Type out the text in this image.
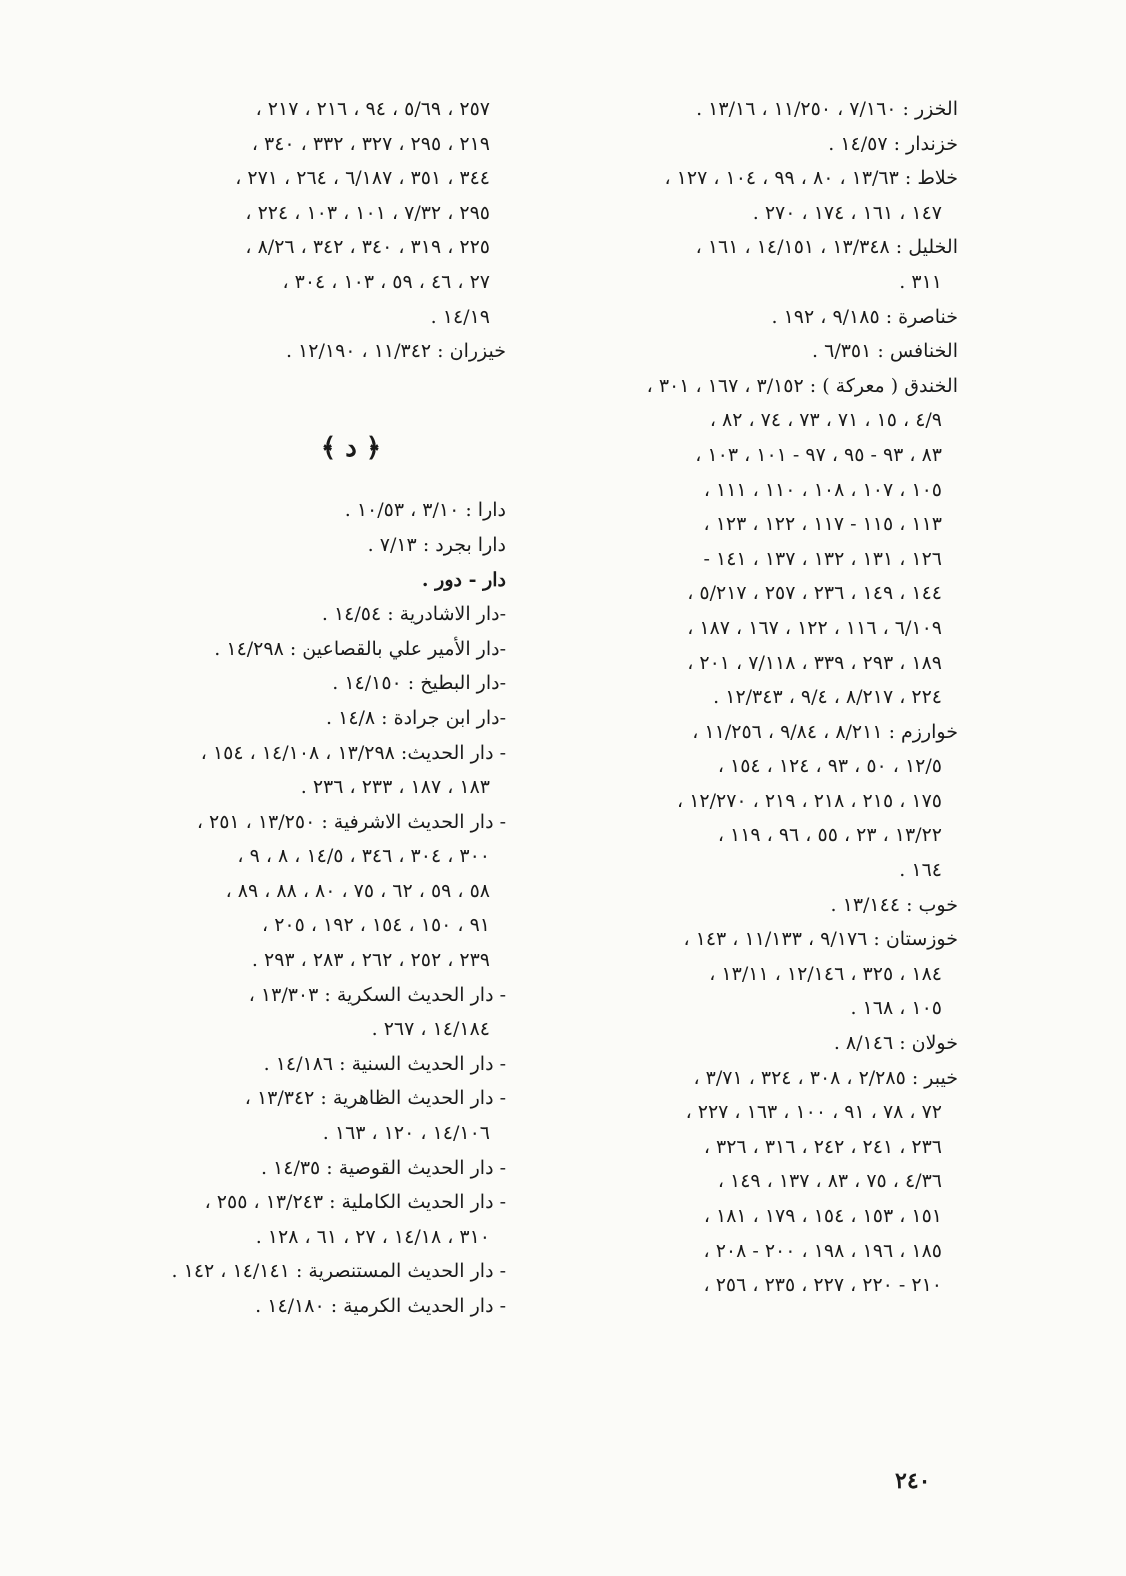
الخزر : ٧/١٦٠ ، ١١/٢٥٠ ، ١٣/١٦ .
خزندار : ١٤/٥٧ .
خلاط : ١٣/٦٣ ، ٨٠ ، ٩٩ ، ١٠٤ ، ١٢٧ ،
١٤٧ ، ١٦١ ، ١٧٤ ، ٢٧٠ .
الخليل : ١٣/٣٤٨ ، ١٤/١٥١ ، ١٦١ ،
٣١١ .
خناصرة : ٩/١٨٥ ، ١٩٢ .
الخنافس : ٦/٣٥١ .
الخندق ( معركة ) : ٣/١٥٢ ، ١٦٧ ، ٣٠١ ،
٤/٩ ، ١٥ ، ٧١ ، ٧٣ ، ٧٤ ، ٨٢ ،
٨٣ ، ٩٣ - ٩٥ ، ٩٧ - ١٠١ ، ١٠٣ ،
١٠٥ ، ١٠٧ ، ١٠٨ ، ١١٠ ، ١١١ ،
١١٣ ، ١١٥ - ١١٧ ، ١٢٢ ، ١٢٣ ،
١٢٦ ، ١٣١ ، ١٣٢ ، ١٣٧ ، ١٤١ -
١٤٤ ، ١٤٩ ، ٢٣٦ ، ٢٥٧ ، ٥/٢١٧ ،
٦/١٠٩ ، ١١٦ ، ١٢٢ ، ١٦٧ ، ١٨٧ ،
١٨٩ ، ٢٩٣ ، ٣٣٩ ، ٧/١١٨ ، ٢٠١ ،
٢٢٤ ، ٨/٢١٧ ، ٩/٤ ، ١٢/٣٤٣ .
خوارزم : ٨/٢١١ ، ٩/٨٤ ، ١١/٢٥٦ ،
١٢/٥ ، ٥٠ ، ٩٣ ، ١٢٤ ، ١٥٤ ،
١٧٥ ، ٢١٥ ، ٢١٨ ، ٢١٩ ، ١٢/٢٧٠ ،
١٣/٢٢ ، ٢٣ ، ٥٥ ، ٩٦ ، ١١٩ ،
١٦٤ .
خوب : ١٣/١٤٤ .
خوزستان : ٩/١٧٦ ، ١١/١٣٣ ، ١٤٣ ،
١٨٤ ، ٣٢٥ ، ١٢/١٤٦ ، ١٣/١١ ،
١٠٥ ، ١٦٨ .
خولان : ٨/١٤٦ .
خيبر : ٢/٢٨٥ ، ٣٠٨ ، ٣٢٤ ، ٣/٧١ ،
٧٢ ، ٧٨ ، ٩١ ، ١٠٠ ، ١٦٣ ، ٢٢٧ ،
٢٣٦ ، ٢٤١ ، ٢٤٢ ، ٣١٦ ، ٣٢٦ ،
٤/٣٦ ، ٧٥ ، ٨٣ ، ١٣٧ ، ١٤٩ ،
١٥١ ، ١٥٣ ، ١٥٤ ، ١٧٩ ، ١٨١ ،
١٨٥ ، ١٩٦ ، ١٩٨ ، ٢٠٠ - ٢٠٨ ،
٢١٠ - ٢٢٠ ، ٢٢٧ ، ٢٣٥ ، ٢٥٦ ،
٢٥٧ ، ٥/٦٩ ، ٩٤ ، ٢١٦ ، ٢١٧ ،
٢١٩ ، ٢٩٥ ، ٣٢٧ ، ٣٣٢ ، ٣٤٠ ،
٣٤٤ ، ٣٥١ ، ٦/١٨٧ ، ٢٦٤ ، ٢٧١ ،
٢٩٥ ، ٧/٣٢ ، ١٠١ ، ١٠٣ ، ٢٢٤ ،
٢٢٥ ، ٣١٩ ، ٣٤٠ ، ٣٤٢ ، ٨/٢٦ ،
٢٧ ، ٤٦ ، ٥٩ ، ١٠٣ ، ٣٠٤ ،
١٤/١٩ .
خيزران : ١١/٣٤٢ ، ١٢/١٩٠ .
﴿ د ﴾
دارا : ٣/١٠ ، ١٠/٥٣ .
دارا بجرد : ٧/١٣ .
دار - دور .
-دار الاشادرية : ١٤/٥٤ .
-دار الأمير علي بالقصاعين : ١٤/٢٩٨ .
-دار البطيخ : ١٤/١٥٠ .
-دار ابن جرادة : ١٤/٨ .
- دار الحديث: ١٣/٢٩٨ ، ١٤/١٠٨ ، ١٥٤ ،
١٨٣ ، ١٨٧ ، ٢٣٣ ، ٢٣٦ .
- دار الحديث الاشرفية : ١٣/٢٥٠ ، ٢٥١ ،
٣٠٠ ، ٣٠٤ ، ٣٤٦ ، ١٤/٥ ، ٨ ، ٩ ،
٥٨ ، ٥٩ ، ٦٢ ، ٧٥ ، ٨٠ ، ٨٨ ، ٨٩ ،
٩١ ، ١٥٠ ، ١٥٤ ، ١٩٢ ، ٢٠٥ ،
٢٣٩ ، ٢٥٢ ، ٢٦٢ ، ٢٨٣ ، ٢٩٣ .
- دار الحديث السكرية : ١٣/٣٠٣ ،
١٤/١٨٤ ، ٢٦٧ .
- دار الحديث السنية : ١٤/١٨٦ .
- دار الحديث الظاهرية : ١٣/٣٤٢ ،
١٤/١٠٦ ، ١٢٠ ، ١٦٣ .
- دار الحديث القوصية : ١٤/٣٥ .
- دار الحديث الكاملية : ١٣/٢٤٣ ، ٢٥٥ ،
٣١٠ ، ١٤/١٨ ، ٢٧ ، ٦١ ، ١٢٨ .
- دار الحديث المستنصرية : ١٤/١٤١ ، ١٤٢ .
- دار الحديث الكرمية : ١٤/١٨٠ .
٢٤٠
